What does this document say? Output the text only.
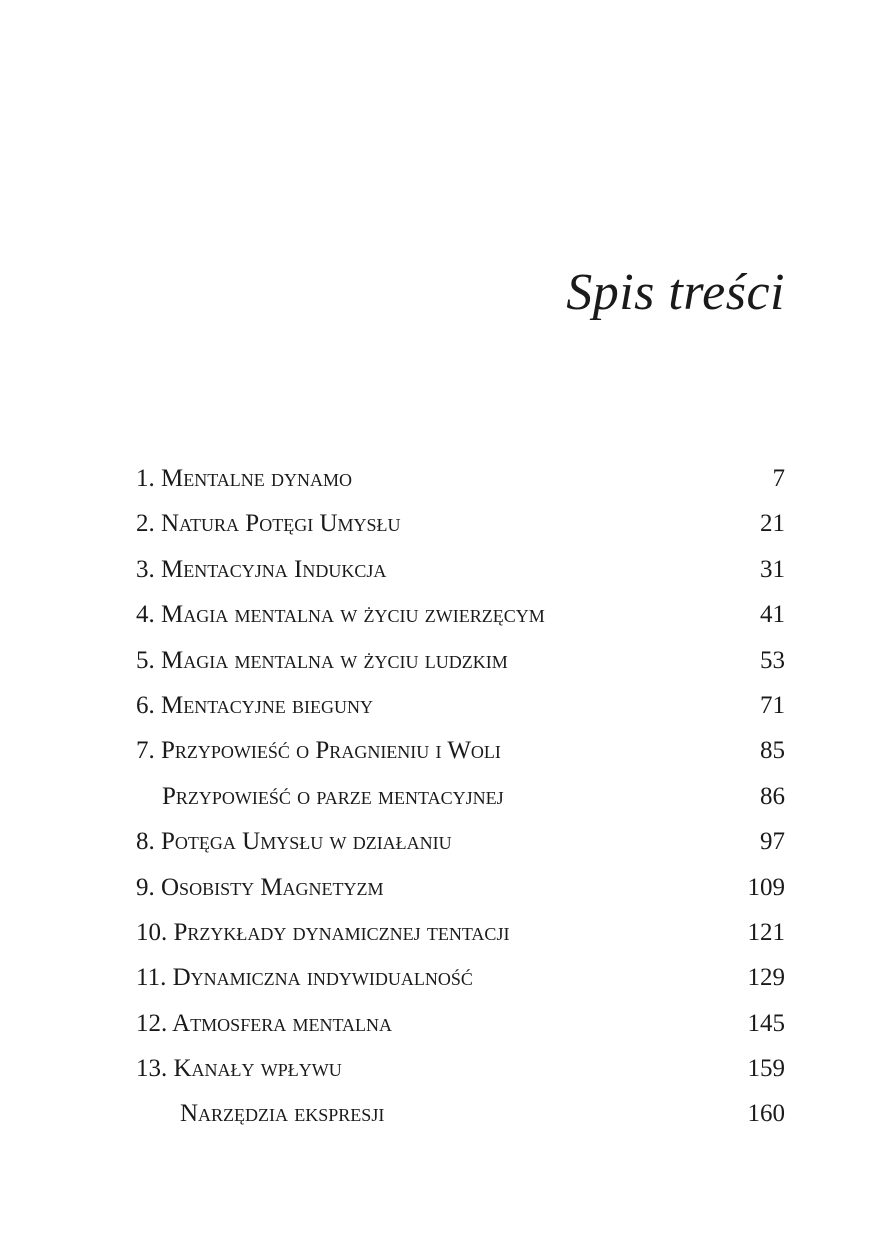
Spis treści
1. Mentalne dynamo	7
2. Natura Potęgi Umysłu	21
3. Mentacyjna Indukcja	31
4. Magia mentalna w życiu zwierzęcym	41
5. Magia mentalna w życiu ludzkim	53
6. Mentacyjne bieguny	71
7. Przypowieść o Pragnieniu i Woli	85
Przypowieść o parze mentacyjnej	86
8. Potęga Umysłu w działaniu	97
9. Osobisty Magnetyzm	109
10. Przykłady dynamicznej tentacji	121
11. Dynamiczna indywidualność	129
12. Atmosfera mentalna	145
13. Kanały wpływu	159
Narzędzia ekspresji	160
